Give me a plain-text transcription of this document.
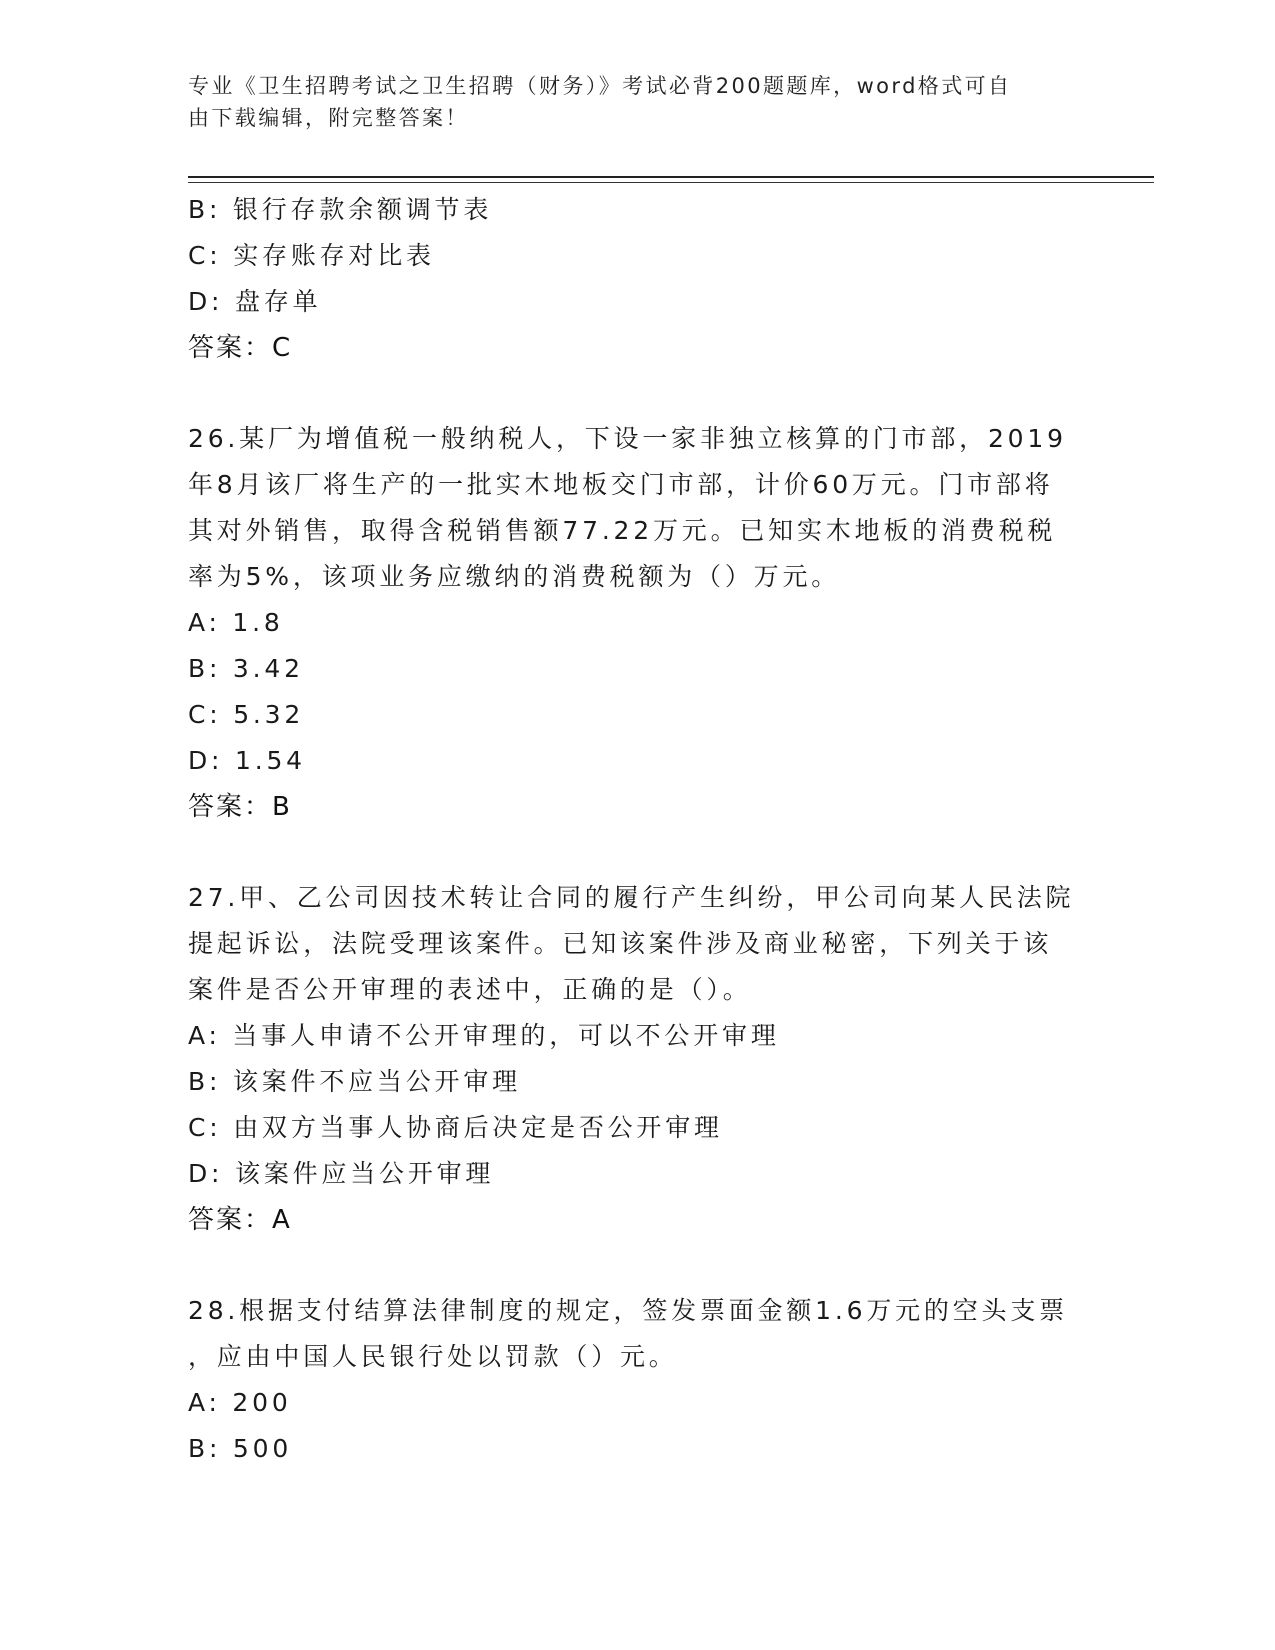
专业《卫生招聘考试之卫生招聘（财务）》考试必背200题题库，word格式可自
由下载编辑，附完整答案！
B: 银行存款余额调节表
C: 实存账存对比表
D: 盘存单
答案：C
26.某厂为增值税一般纳税人，下设一家非独立核算的门市部，2019
年8月该厂将生产的一批实木地板交门市部，计价60万元。门市部将
其对外销售，取得含税销售额77.22万元。已知实木地板的消费税税
率为5%，该项业务应缴纳的消费税额为（）万元。
A: 1.8
B: 3.42
C: 5.32
D: 1.54
答案：B
27.甲、乙公司因技术转让合同的履行产生纠纷，甲公司向某人民法院
提起诉讼，法院受理该案件。已知该案件涉及商业秘密，下列关于该
案件是否公开审理的表述中，正确的是（）。
A: 当事人申请不公开审理的，可以不公开审理
B: 该案件不应当公开审理
C: 由双方当事人协商后决定是否公开审理
D: 该案件应当公开审理
答案：A
28.根据支付结算法律制度的规定，签发票面金额1.6万元的空头支票
，应由中国人民银行处以罚款（）元。
A: 200
B: 500
